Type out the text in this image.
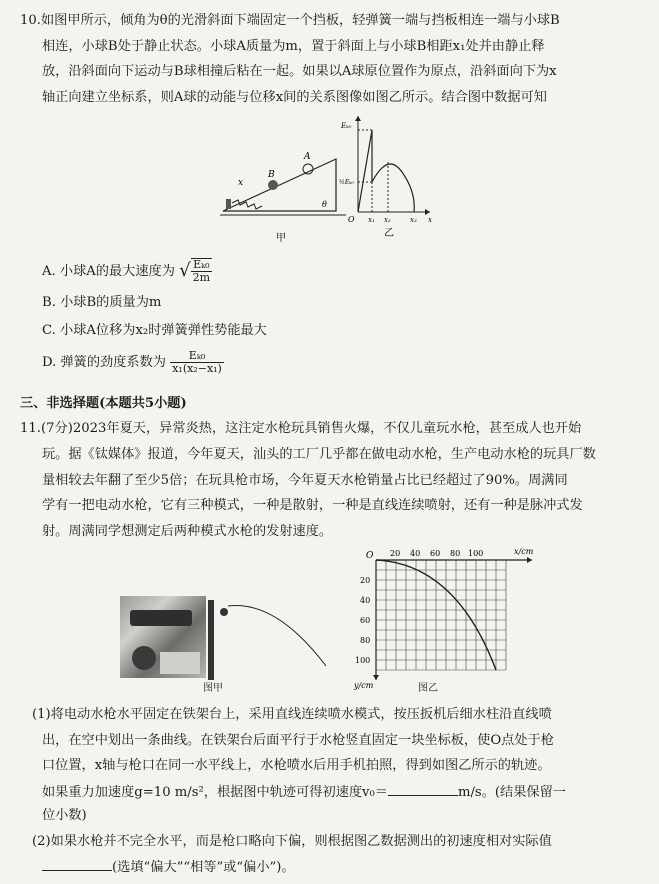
10.如图甲所示，倾角为θ的光滑斜面下端固定一个挡板，轻弹簧一端与挡板相连一端与小球B
相连，小球B处于静止状态。小球A质量为m，置于斜面上与小球B相距x₁处并由静止释
放，沿斜面向下运动与B球相撞后粘在一起。如果以A球原位置作为原点，沿斜面向下为x
轴正向建立坐标系，则A球的动能与位移x间的关系图像如图乙所示。结合图中数据可知
A
B
x
θ
甲
Eₖ₀
½Eₖ₀
O x₁ x₂	x₃ x
乙
A. 小球A的最大速度为 √ $\frac{\text{Eₖ₀}}{2m}$
B. 小球B的质量为m
C. 小球A位移为x₂时弹簧弹性势能最大
D. 弹簧的劲度系数为 $\frac{\text{Eₖ₀}}{\text{x₁(x₂−x₁)}}$
三、非选择题(本题共5小题)
11.(7分)2023年夏天，异常炎热，这注定水枪玩具销售火爆，不仅儿童玩水枪，甚至成人也开始
玩。据《钛媒体》报道，今年夏天，汕头的工厂几乎都在做电动水枪，生产电动水枪的玩具厂数
量相较去年翻了至少5倍；在玩具枪市场，今年夏天水枪销量占比已经超过了90%。周满同
学有一把电动水枪，它有三种模式，一种是散射，一种是直线连续喷射，还有一种是脉冲式发
射。周满同学想测定后两种模式水枪的发射速度。
图甲
O 20 40 60 80 100	x/cm
20
40
60
80
100
y/cm	图乙
(1)将电动水枪水平固定在铁架台上，采用直线连续喷水模式，按压扳机后细水柱沿直线喷
出，在空中划出一条曲线。在铁架台后面平行于水枪竖直固定一块坐标板，使O点处于枪
口位置，x轴与枪口在同一水平线上，水枪喷水后用手机拍照，得到如图乙所示的轨迹。
如果重力加速度g=10 m/s²，根据图中轨迹可得初速度v₀＝	m/s。(结果保留一
位小数)
(2)如果水枪并不完全水平，而是枪口略向下偏，则根据图乙数据测出的初速度相对实际值
(选填“偏大”“相等”或“偏小”)。
